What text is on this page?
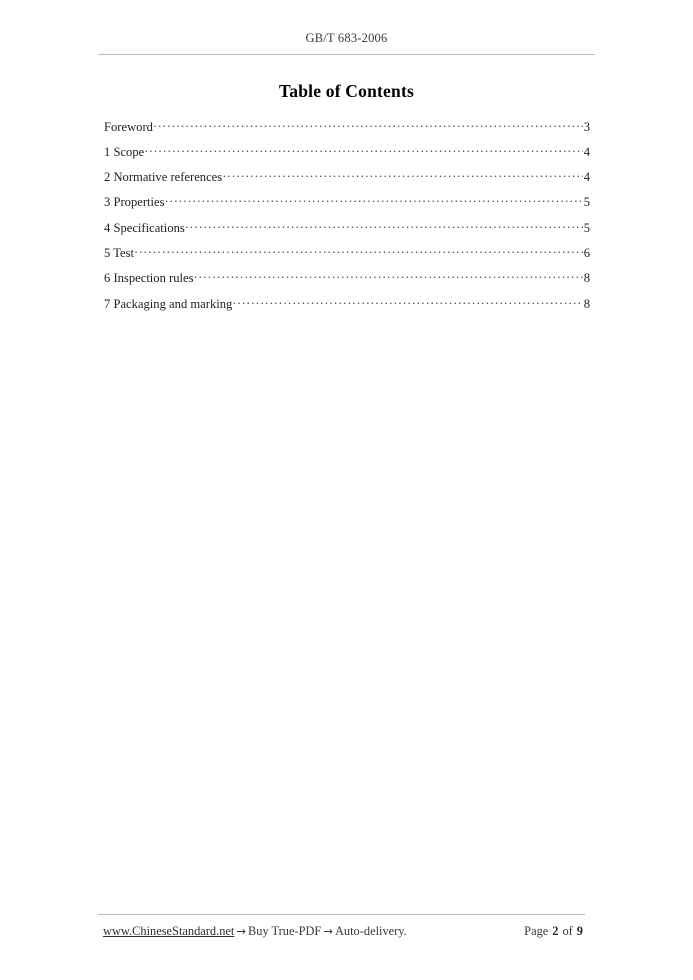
GB/T 683-2006
Table of Contents
Foreword .....	3
1 Scope .....	4
2 Normative references .....	4
3 Properties .....	5
4 Specifications .....	5
5 Test .....	6
6 Inspection rules .....	8
7 Packaging and marking .....	8
www.ChineseStandard.net → Buy True-PDF → Auto-delivery.	Page 2 of 9
